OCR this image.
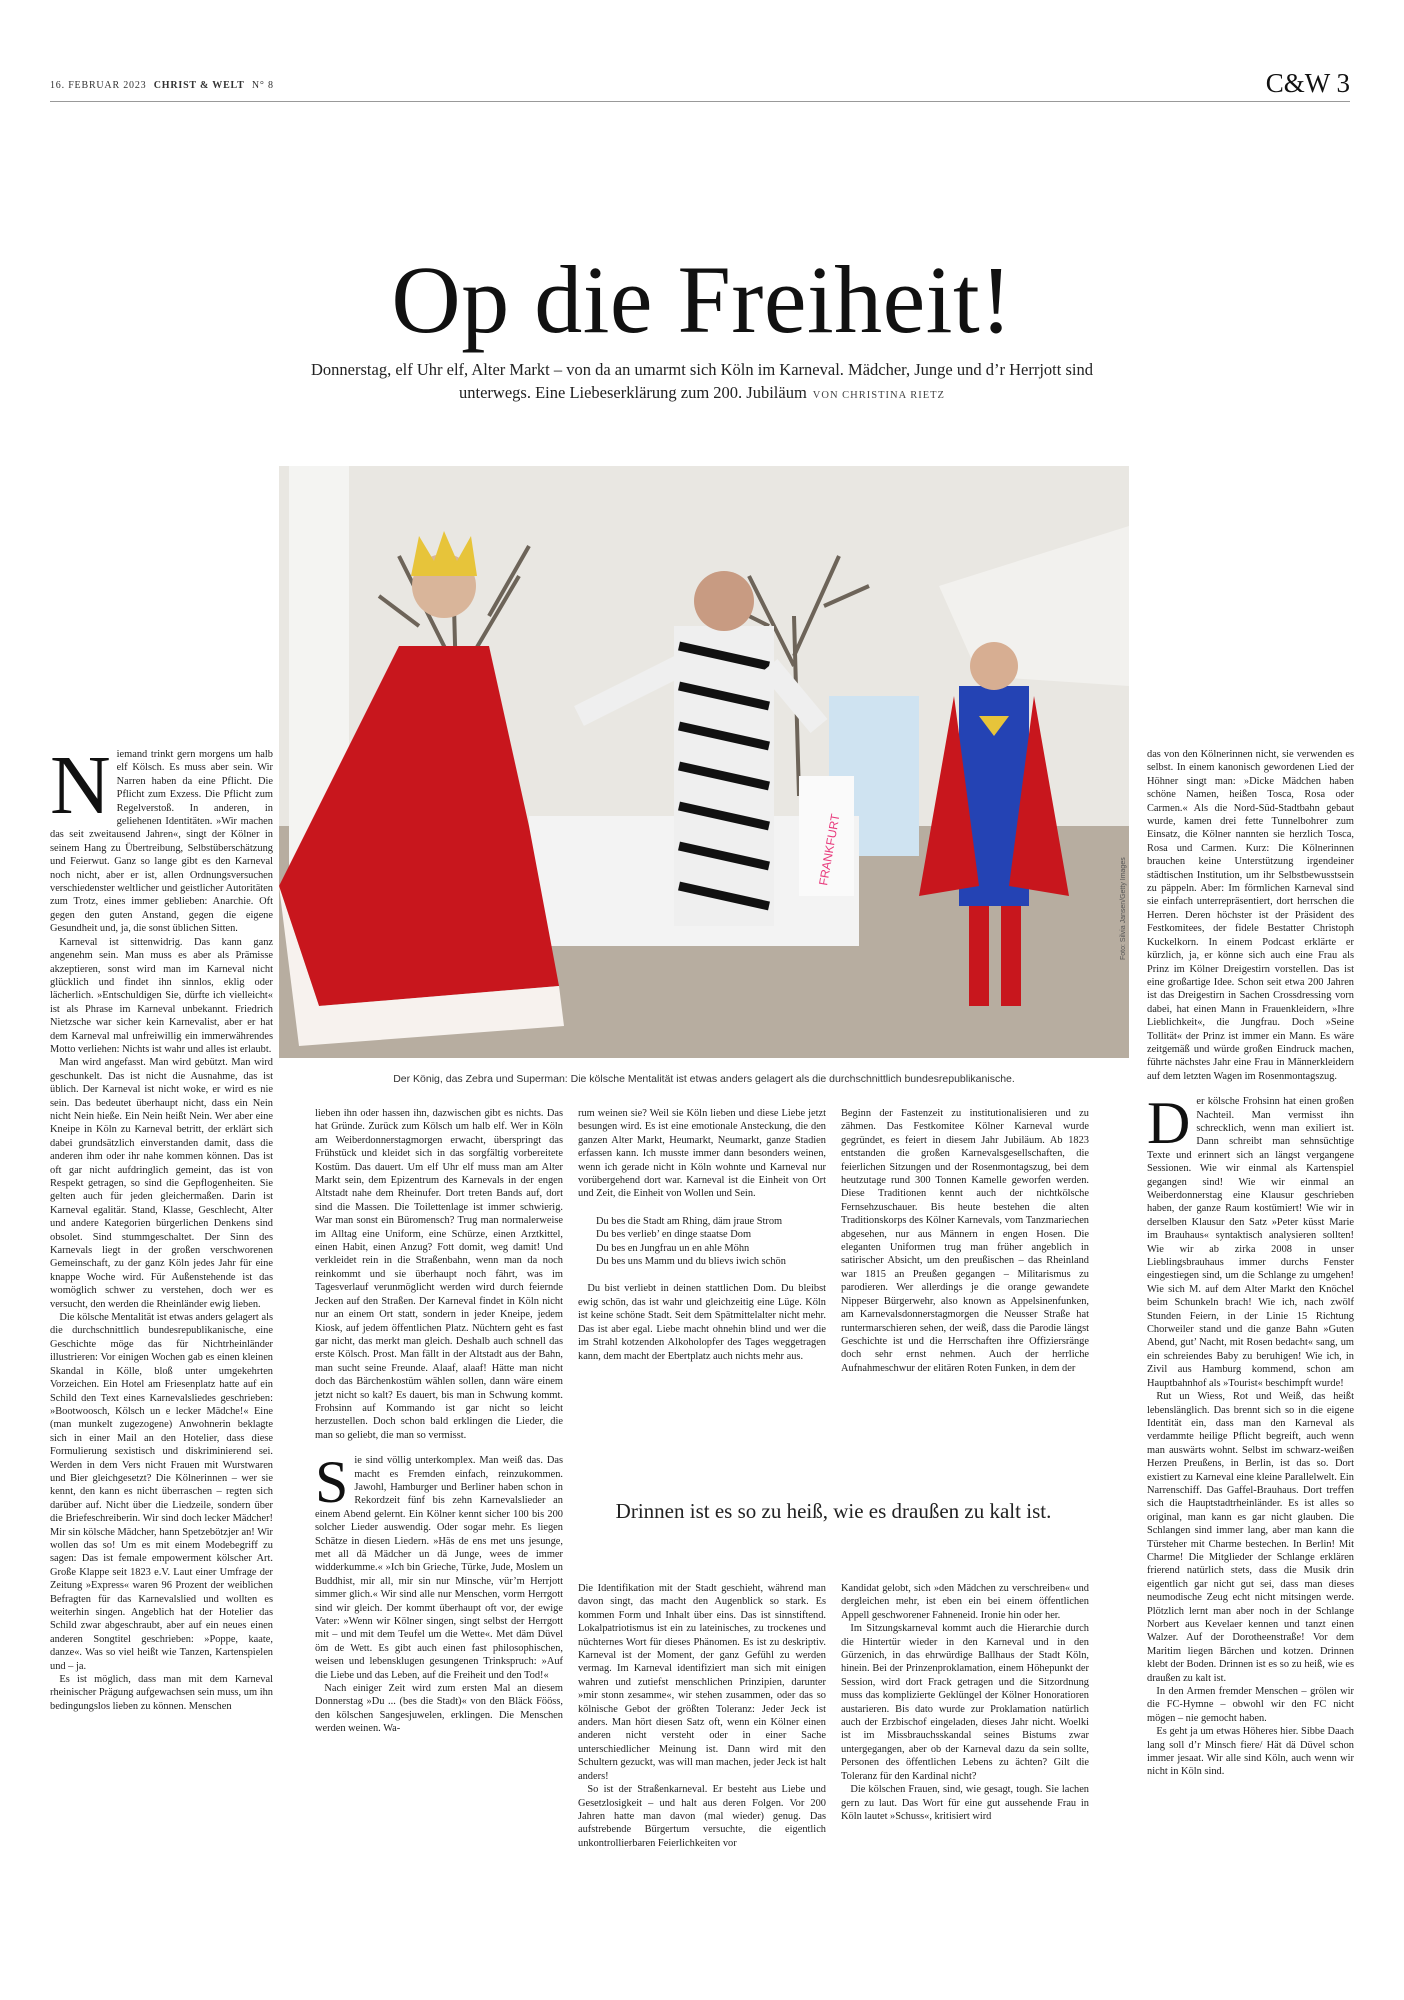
16. FEBRUAR 2023 CHRIST & WELT N° 8	C&W 3
Op die Freiheit!
Donnerstag, elf Uhr elf, Alter Markt – von da an umarmt sich Köln im Karneval. Mädcher, Junge und d’r Herrjott sind unterwegs. Eine Liebeserklärung zum 200. Jubiläum VON CHRISTINA RIETZ
FRANKFURT
Foto: Silvia Jansen/Getty Images
Der König, das Zebra und Superman: Die kölsche Mentalität ist etwas anders gelagert als die durchschnittlich bundesrepublikanische.
N iemand trinkt gern morgens um halb elf Kölsch. Es muss aber sein. Wir Narren haben da eine Pflicht. Die Pflicht zum Exzess. Die Pflicht zum Regelverstoß. In anderen, in geliehenen Identitäten. »Wir machen das seit zweitausend Jahren«, singt der Kölner in seinem Hang zu Übertreibung, Selbstüberschätzung und Feierwut. Ganz so lange gibt es den Karneval noch nicht, aber er ist, allen Ordnungsversuchen verschiedenster weltlicher und geistlicher Autoritäten zum Trotz, eines immer geblieben: Anarchie. Oft gegen den guten Anstand, gegen die eigene Gesundheit und, ja, die sonst üblichen Sitten.

Karneval ist sittenwidrig. Das kann ganz angenehm sein. Man muss es aber als Prämisse akzeptieren, sonst wird man im Karneval nicht glücklich und findet ihn sinnlos, eklig oder lächerlich. »Entschuldigen Sie, dürfte ich vielleicht« ist als Phrase im Karneval unbekannt. Friedrich Nietzsche war sicher kein Karnevalist, aber er hat dem Karneval mal unfreiwillig ein immerwährendes Motto verliehen: Nichts ist wahr und alles ist erlaubt.

Man wird angefasst. Man wird gebützt. Man wird geschunkelt. Das ist nicht die Ausnahme, das ist üblich. Der Karneval ist nicht woke, er wird es nie sein. Das bedeutet überhaupt nicht, dass ein Nein nicht Nein hieße. Ein Nein heißt Nein. Wer aber eine Kneipe in Köln zu Karneval betritt, der erklärt sich dabei grundsätzlich einverstanden damit, dass die anderen ihm oder ihr nahe kommen können. Das ist oft gar nicht aufdringlich gemeint, das ist von Respekt getragen, so sind die Gepflogenheiten. Sie gelten auch für jeden gleichermaßen. Darin ist Karneval egalitär. Stand, Klasse, Geschlecht, Alter und andere Kategorien bürgerlichen Denkens sind obsolet. Sind stummgeschaltet. Der Sinn des Karnevals liegt in der großen verschworenen Gemeinschaft, zu der ganz Köln jedes Jahr für eine knappe Woche wird. Für Außenstehende ist das womöglich schwer zu verstehen, doch wer es versucht, den werden die Rheinländer ewig lieben.

Die kölsche Mentalität ist etwas anders gelagert als die durchschnittlich bundesrepublikanische, eine Geschichte möge das für Nichtrheinländer illustrieren: Vor einigen Wochen gab es einen kleinen Skandal in Kölle, bloß unter umgekehrten Vorzeichen. Ein Hotel am Friesenplatz hatte auf ein Schild den Text eines Karnevalsliedes geschrieben: »Bootwoosch, Kölsch un e lecker Mädche!« Eine (man munkelt zugezogene) Anwohnerin beklagte sich in einer Mail an den Hotelier, dass diese Formulierung sexistisch und diskriminierend sei. Werden in dem Vers nicht Frauen mit Wurstwaren und Bier gleichgesetzt? Die Kölnerinnen – wer sie kennt, den kann es nicht überraschen – regten sich darüber auf. Nicht über die Liedzeile, sondern über die Briefeschreiberin. Wir sind doch lecker Mädcher! Mir sin kölsche Mädcher, hann Spetzebötzjer an! Wir wollen das so! Um es mit einem Modebegriff zu sagen: Das ist female empowerment kölscher Art. Große Klappe seit 1823 e.V. Laut einer Umfrage der Zeitung »Express« waren 96 Prozent der weiblichen Befragten für das Karnevalslied und wollten es weiterhin singen. Angeblich hat der Hotelier das Schild zwar abgeschraubt, aber auf ein neues einen anderen Songtitel geschrieben: »Poppe, kaate, danze«. Was so viel heißt wie Tanzen, Kartenspielen und – ja.

Es ist möglich, dass man mit dem Karneval rheinischer Prägung aufgewachsen sein muss, um ihn bedingungslos lieben zu können. Menschen

lieben ihn oder hassen ihn, dazwischen gibt es nichts. Das hat Gründe. Zurück zum Kölsch um halb elf. Wer in Köln am Weiberdonnerstagmorgen erwacht, überspringt das Frühstück und kleidet sich in das sorgfältig vorbereitete Kostüm. Das dauert. Um elf Uhr elf muss man am Alter Markt sein, dem Epizentrum des Karnevals in der engen Altstadt nahe dem Rheinufer. Dort treten Bands auf, dort sind die Massen. Die Toilettenlage ist immer schwierig. War man sonst ein Büromensch? Trug man normalerweise im Alltag eine Uniform, eine Schürze, einen Arztkittel, einen Habit, einen Anzug? Fott domit, weg damit! Und verkleidet rein in die Straßenbahn, wenn man da noch reinkommt und sie überhaupt noch fährt, was im Tagesverlauf verunmöglicht werden wird durch feiernde Jecken auf den Straßen. Der Karneval findet in Köln nicht nur an einem Ort statt, sondern in jeder Kneipe, jedem Kiosk, auf jedem öffentlichen Platz. Nüchtern geht es fast gar nicht, das merkt man gleich. Deshalb auch schnell das erste Kölsch. Prost. Man fällt in der Altstadt aus der Bahn, man sucht seine Freunde. Alaaf, alaaf! Hätte man nicht doch das Bärchenkostüm wählen sollen, dann wäre einem jetzt nicht so kalt? Es dauert, bis man in Schwung kommt. Frohsinn auf Kommando ist gar nicht so leicht herzustellen. Doch schon bald erklingen die Lieder, die man so geliebt, die man so vermisst.

S ie sind völlig unterkomplex. Man weiß das. Das macht es Fremden einfach, reinzukommen. Jawohl, Hamburger und Berliner haben schon in Rekordzeit fünf bis zehn Karnevalslieder an einem Abend gelernt. Ein Kölner kennt sicher 100 bis 200 solcher Lieder auswendig. Oder sogar mehr. Es liegen Schätze in diesen Liedern. »Häs de ens met uns jesunge, met all dä Mädcher un dä Junge, wees de immer widderkumme.« »Ich bin Grieche, Türke, Jude, Moslem un Buddhist, mir all, mir sin nur Minsche, vür’m Herrjott simmer glich.« Wir sind alle nur Menschen, vorm Herrgott sind wir gleich. Der kommt überhaupt oft vor, der ewige Vater: »Wenn wir Kölner singen, singt selbst der Herrgott mit – und mit dem Teufel um die Wette«. Met däm Düvel öm de Wett. Es gibt auch einen fast philosophischen, weisen und lebensklugen gesungenen Trinkspruch: »Auf die Liebe und das Leben, auf die Freiheit und den Tod!«

Nach einiger Zeit wird zum ersten Mal an diesem Donnerstag »Du ... (bes die Stadt)« von den Bläck Fööss, den kölschen Sangesjuwelen, erklingen. Die Menschen werden weinen. Wa-

rum weinen sie? Weil sie Köln lieben und diese Liebe jetzt besungen wird. Es ist eine emotionale Ansteckung, die den ganzen Alter Markt, Heumarkt, Neumarkt, ganze Stadien erfassen kann. Ich musste immer dann besonders weinen, wenn ich gerade nicht in Köln wohnte und Karneval nur vorübergehend dort war. Karneval ist die Einheit von Ort und Zeit, die Einheit von Wollen und Sein.

Du bes die Stadt am Rhing, däm jraue Strom
Du bes verlieb’ en dinge staatse Dom
Du bes en Jungfrau un en ahle Möhn
Du bes uns Mamm und du blievs iwich schön

Du bist verliebt in deinen stattlichen Dom. Du bleibst ewig schön, das ist wahr und gleichzeitig eine Lüge. Köln ist keine schöne Stadt. Seit dem Spätmittelalter nicht mehr. Das ist aber egal. Liebe macht ohnehin blind und wer die im Strahl kotzenden Alkoholopfer des Tages weggetragen kann, dem macht der Ebertplatz auch nichts mehr aus.

Beginn der Fastenzeit zu institutionalisieren und zu zähmen. Das Festkomitee Kölner Karneval wurde gegründet, es feiert in diesem Jahr Jubiläum. Ab 1823 entstanden die großen Karnevalsgesellschaften, die feierlichen Sitzungen und der Rosenmontagszug, bei dem heutzutage rund 300 Tonnen Kamelle geworfen werden. Diese Traditionen kennt auch der nichtkölsche Fernsehzuschauer. Bis heute bestehen die alten Traditionskorps des Kölner Karnevals, vom Tanzmariechen abgesehen, nur aus Männern in engen Hosen. Die eleganten Uniformen trug man früher angeblich in satirischer Absicht, um den preußischen – das Rheinland war 1815 an Preußen gegangen – Militarismus zu parodieren. Wer allerdings je die orange gewandete Nippeser Bürgerwehr, also known as Appelsinenfunken, am Karnevalsdonnerstagmorgen die Neusser Straße hat runtermarschieren sehen, der weiß, dass die Parodie längst Geschichte ist und die Herrschaften ihre Offiziersränge doch sehr ernst nehmen. Auch der herrliche Aufnahmeschwur der elitären Roten Funken, in dem der

Drinnen ist es so zu heiß, wie es draußen zu kalt ist.

Die Identifikation mit der Stadt geschieht, während man davon singt, das macht den Augenblick so stark. Es kommen Form und Inhalt über eins. Das ist sinnstiftend. Lokalpatriotismus ist ein zu lateinisches, zu trockenes und nüchternes Wort für dieses Phänomen. Es ist zu deskriptiv. Karneval ist der Moment, der ganz Gefühl zu werden vermag. Im Karneval identifiziert man sich mit einigen wahren und zutiefst menschlichen Prinzipien, darunter »mir stonn zesamme«, wir stehen zusammen, oder das so kölnische Gebot der größten Toleranz: Jeder Jeck ist anders. Man hört diesen Satz oft, wenn ein Kölner einen anderen nicht versteht oder in einer Sache unterschiedlicher Meinung ist. Dann wird mit den Schultern gezuckt, was will man machen, jeder Jeck ist halt anders!

So ist der Straßenkarneval. Er besteht aus Liebe und Gesetzlosigkeit – und halt aus deren Folgen. Vor 200 Jahren hatte man davon (mal wieder) genug. Das aufstrebende Bürgertum versuchte, die eigentlich unkontrollierbaren Feierlichkeiten vor

Kandidat gelobt, sich »den Mädchen zu verschreiben« und dergleichen mehr, ist eben ein bei einem öffentlichen Appell geschworener Fahneneid. Ironie hin oder her.

Im Sitzungskarneval kommt auch die Hierarchie durch die Hintertür wieder in den Karneval und in den Gürzenich, in das ehrwürdige Ballhaus der Stadt Köln, hinein. Bei der Prinzenproklamation, einem Höhepunkt der Session, wird dort Frack getragen und die Sitzordnung muss das komplizierte Geklüngel der Kölner Honoratioren austarieren. Bis dato wurde zur Proklamation natürlich auch der Erzbischof eingeladen, dieses Jahr nicht. Woelki ist im Missbrauchsskandal seines Bistums zwar untergegangen, aber ob der Karneval dazu da sein sollte, Personen des öffentlichen Lebens zu ächten? Gilt die Toleranz für den Kardinal nicht?

Die kölschen Frauen, sind, wie gesagt, tough. Sie lachen gern zu laut. Das Wort für eine gut aussehende Frau in Köln lautet »Schuss«, kritisiert wird

das von den Kölnerinnen nicht, sie verwenden es selbst. In einem kanonisch gewordenen Lied der Höhner singt man: »Dicke Mädchen haben schöne Namen, heißen Tosca, Rosa oder Carmen.« Als die Nord-Süd-Stadtbahn gebaut wurde, kamen drei fette Tunnelbohrer zum Einsatz, die Kölner nannten sie herzlich Tosca, Rosa und Carmen. Kurz: Die Kölnerinnen brauchen keine Unterstützung irgendeiner städtischen Institution, um ihr Selbstbewusstsein zu päppeln. Aber: Im förmlichen Karneval sind sie einfach unterrepräsentiert, dort herrschen die Herren. Deren höchster ist der Präsident des Festkomitees, der fidele Bestatter Christoph Kuckelkorn. In einem Podcast erklärte er kürzlich, ja, er könne sich auch eine Frau als Prinz im Kölner Dreigestirn vorstellen. Das ist eine großartige Idee. Schon seit etwa 200 Jahren ist das Dreigestirn in Sachen Crossdressing vorn dabei, hat einen Mann in Frauenkleidern, »Ihre Lieblichkeit«, die Jungfrau. Doch »Seine Tollität« der Prinz ist immer ein Mann. Es wäre zeitgemäß und würde großen Eindruck machen, führte nächstes Jahr eine Frau in Männerkleidern auf dem letzten Wagen im Rosenmontagszug.

D er kölsche Frohsinn hat einen großen Nachteil. Man vermisst ihn schrecklich, wenn man exiliert ist. Dann schreibt man sehnsüchtige Texte und erinnert sich an längst vergangene Sessionen. Wie wir einmal als Kartenspiel gegangen sind! Wie wir einmal an Weiberdonnerstag eine Klausur geschrieben haben, der ganze Raum kostümiert! Wie wir in derselben Klausur den Satz »Peter küsst Marie im Brauhaus« syntaktisch analysieren sollten! Wie wir ab zirka 2008 in unser Lieblingsbrauhaus immer durchs Fenster eingestiegen sind, um die Schlange zu umgehen! Wie sich M. auf dem Alter Markt den Knöchel beim Schunkeln brach! Wie ich, nach zwölf Stunden Feiern, in der Linie 15 Richtung Chorweiler stand und die ganze Bahn »Guten Abend, gut’ Nacht, mit Rosen bedacht« sang, um ein schreiendes Baby zu beruhigen! Wie ich, in Zivil aus Hamburg kommend, schon am Hauptbahnhof als »Tourist« beschimpft wurde!

Rut un Wiess, Rot und Weiß, das heißt lebenslänglich. Das brennt sich so in die eigene Identität ein, dass man den Karneval als verdammte heilige Pflicht begreift, auch wenn man auswärts wohnt. Selbst im schwarz-weißen Herzen Preußens, in Berlin, ist das so. Dort existiert zu Karneval eine kleine Parallelwelt. Ein Narrenschiff. Das Gaffel-Brauhaus. Dort treffen sich die Hauptstadtrheinländer. Es ist alles so original, man kann es gar nicht glauben. Die Schlangen sind immer lang, aber man kann die Türsteher mit Charme bestechen. In Berlin! Mit Charme! Die Mitglieder der Schlange erklären frierend natürlich stets, dass die Musik drin eigentlich gar nicht gut sei, dass man dieses neumodische Zeug echt nicht mitsingen werde. Plötzlich lernt man aber noch in der Schlange Norbert aus Kevelaer kennen und tanzt einen Walzer. Auf der Dorotheenstraße! Vor dem Maritim liegen Bärchen und kotzen. Drinnen klebt der Boden. Drinnen ist es so zu heiß, wie es draußen zu kalt ist.

In den Armen fremder Menschen – grölen wir die FC-Hymne – obwohl wir den FC nicht mögen – nie gemocht haben.

Es geht ja um etwas Höheres hier. Sibbe Daach lang soll d’r Minsch fiere/ Hät dä Düvel schon immer jesaat. Wir alle sind Köln, auch wenn wir nicht in Köln sind.
